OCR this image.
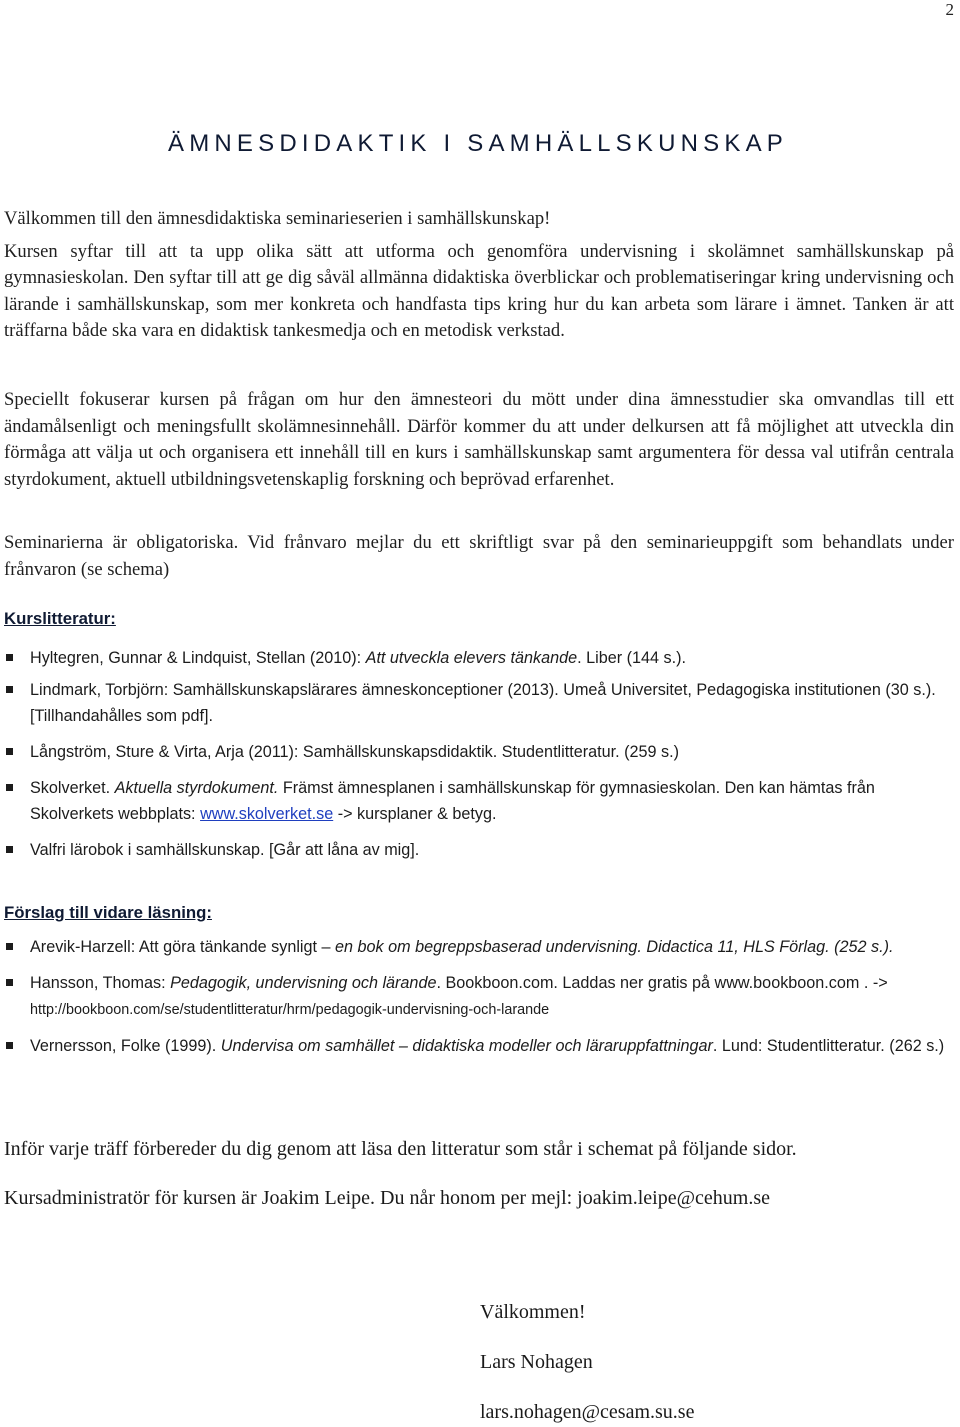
2
ÄMNESDIDAKTIK I SAMHÄLLSKUNSKAP
Välkommen till den ämnesdidaktiska seminarieserien i samhällskunskap!
Kursen syftar till att ta upp olika sätt att utforma och genomföra undervisning i skolämnet samhällskunskap på gymnasieskolan. Den syftar till att ge dig såväl allmänna didaktiska överblickar och problematiseringar kring undervisning och lärande i samhällskunskap, som mer konkreta och handfasta tips kring hur du kan arbeta som lärare i ämnet. Tanken är att träffarna både ska vara en didaktisk tankesmedja och en metodisk verkstad.
Speciellt fokuserar kursen på frågan om hur den ämnesteori du mött under dina ämnesstudier ska omvandlas till ett ändamålsenligt och meningsfullt skolämnesinnehåll. Därför kommer du att under delkursen att få möjlighet att utveckla din förmåga att välja ut och organisera ett innehåll till en kurs i samhällskunskap samt argumentera för dessa val utifrån centrala styrdokument, aktuell utbildningsvetenskaplig forskning och beprövad erfarenhet.
Seminarierna är obligatoriska. Vid frånvaro mejlar du ett skriftligt svar på den seminarieuppgift som behandlats under frånvaron (se schema)
Kurslitteratur:
Hyltegren, Gunnar & Lindquist, Stellan (2010): Att utveckla elevers tänkande. Liber (144 s.).
Lindmark, Torbjörn: Samhällskunskapslärares ämneskonceptioner (2013). Umeå Universitet, Pedagogiska institutionen (30 s.). [Tillhandahålles som pdf].
Långström, Sture & Virta, Arja (2011): Samhällskunskapsdidaktik. Studentlitteratur. (259 s.)
Skolverket. Aktuella styrdokument. Främst ämnesplanen i samhällskunskap för gymnasieskolan. Den kan hämtas från Skolverkets webbplats: www.skolverket.se -> kursplaner & betyg.
Valfri lärobok i samhällskunskap. [Går att låna av mig].
Förslag till vidare läsning:
Arevik-Harzell: Att göra tänkande synligt – en bok om begreppsbaserad undervisning. Didactica 11, HLS Förlag. (252 s.).
Hansson, Thomas: Pedagogik, undervisning och lärande. Bookboon.com. Laddas ner gratis på www.bookboon.com . -> http://bookboon.com/se/studentlitteratur/hrm/pedagogik-undervisning-och-larande
Vernersson, Folke (1999). Undervisa om samhället – didaktiska modeller och läraruppfattningar. Lund: Studentlitteratur. (262 s.)
Inför varje träff förbereder du dig genom att läsa den litteratur som står i schemat på följande sidor.
Kursadministratör för kursen är Joakim Leipe. Du når honom per mejl: joakim.leipe@cehum.se
Välkommen!
Lars Nohagen
lars.nohagen@cesam.su.se
